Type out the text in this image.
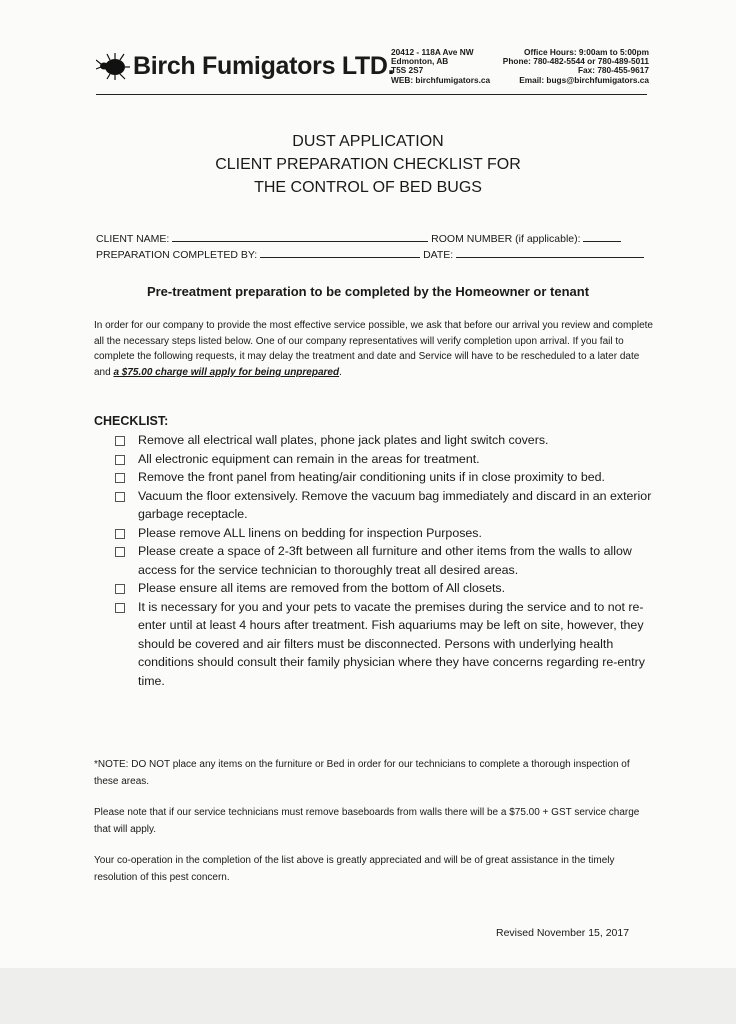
Birch Fumigators LTD.
20412 - 118A Ave NW
Edmonton, AB
T5S 2S7
WEB: birchfumigators.ca
Office Hours: 9:00am to 5:00pm
Phone: 780-482-5544 or 780-489-5011
Fax: 780-455-9617
Email: bugs@birchfumigators.ca
DUST APPLICATION
CLIENT PREPARATION CHECKLIST FOR
THE CONTROL OF BED BUGS
CLIENT NAME:	ROOM NUMBER (if applicable):
PREPARATION COMPLETED BY:	DATE:
Pre-treatment preparation to be completed by the Homeowner or tenant
In order for our company to provide the most effective service possible, we ask that before our arrival you review and complete all the necessary steps listed below. One of our company representatives will verify completion upon arrival. If you fail to complete the following requests, it may delay the treatment and date and Service will have to be rescheduled to a later date and a $75.00 charge will apply for being unprepared.
CHECKLIST:
Remove all electrical wall plates, phone jack plates and light switch covers.
All electronic equipment can remain in the areas for treatment.
Remove the front panel from heating/air conditioning units if in close proximity to bed.
Vacuum the floor extensively. Remove the vacuum bag immediately and discard in an exterior garbage receptacle.
Please remove ALL linens on bedding for inspection Purposes.
Please create a space of 2-3ft between all furniture and other items from the walls to allow access for the service technician to thoroughly treat all desired areas.
Please ensure all items are removed from the bottom of All closets.
It is necessary for you and your pets to vacate the premises during the service and to not re-enter until at least 4 hours after treatment. Fish aquariums may be left on site, however, they should be covered and air filters must be disconnected. Persons with underlying health conditions should consult their family physician where they have concerns regarding re-entry time.
*NOTE: DO NOT place any items on the furniture or Bed in order for our technicians to complete a thorough inspection of these areas.
Please note that if our service technicians must remove baseboards from walls there will be a $75.00 + GST service charge that will apply.
Your co-operation in the completion of the list above is greatly appreciated and will be of great assistance in the timely resolution of this pest concern.
Revised November 15, 2017
